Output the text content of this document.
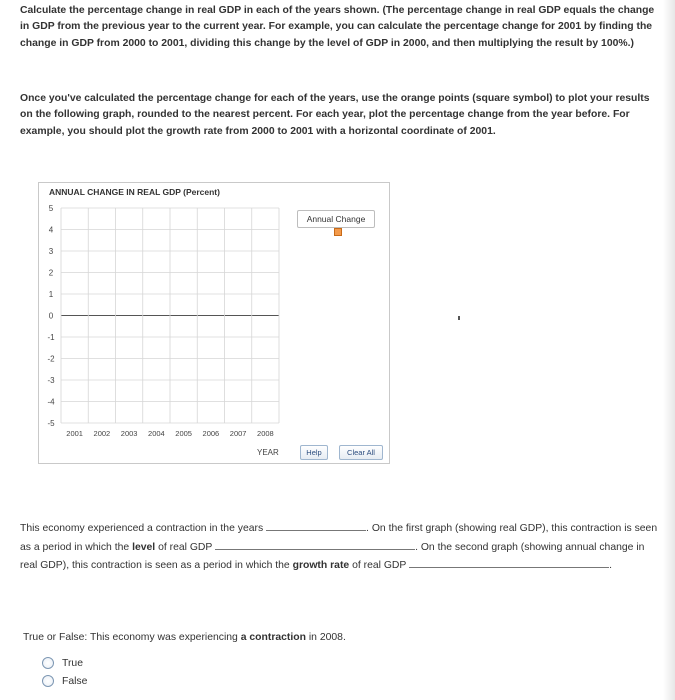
Calculate the percentage change in real GDP in each of the years shown. (The percentage change in real GDP equals the change in GDP from the previous year to the current year. For example, you can calculate the percentage change for 2001 by finding the change in GDP from 2000 to 2001, dividing this change by the level of GDP in 2000, and then multiplying the result by 100%.)

Once you've calculated the percentage change for each of the years, use the orange points (square symbol) to plot your results on the following graph, rounded to the nearest percent. For each year, plot the percentage change from the year before. For example, you should plot the growth rate from 2000 to 2001 with a horizontal coordinate of 2001.

ANNUAL CHANGE IN REAL GDP (Percent)
5
4
3
2
1
0
-1
-2
-3
-4
-5
2001 2002 2003 2004 2005 2006 2007 2008
Annual Change
YEAR	Help	Clear All
This economy experienced a contraction in the years	. On the first graph (showing real GDP), this contraction is seen as a period in which the level of real GDP	. On the second graph (showing annual change in real GDP), this contraction is seen as a period in which the growth rate of real GDP	.
True or False: This economy was experiencing a contraction in 2008.
True
False
